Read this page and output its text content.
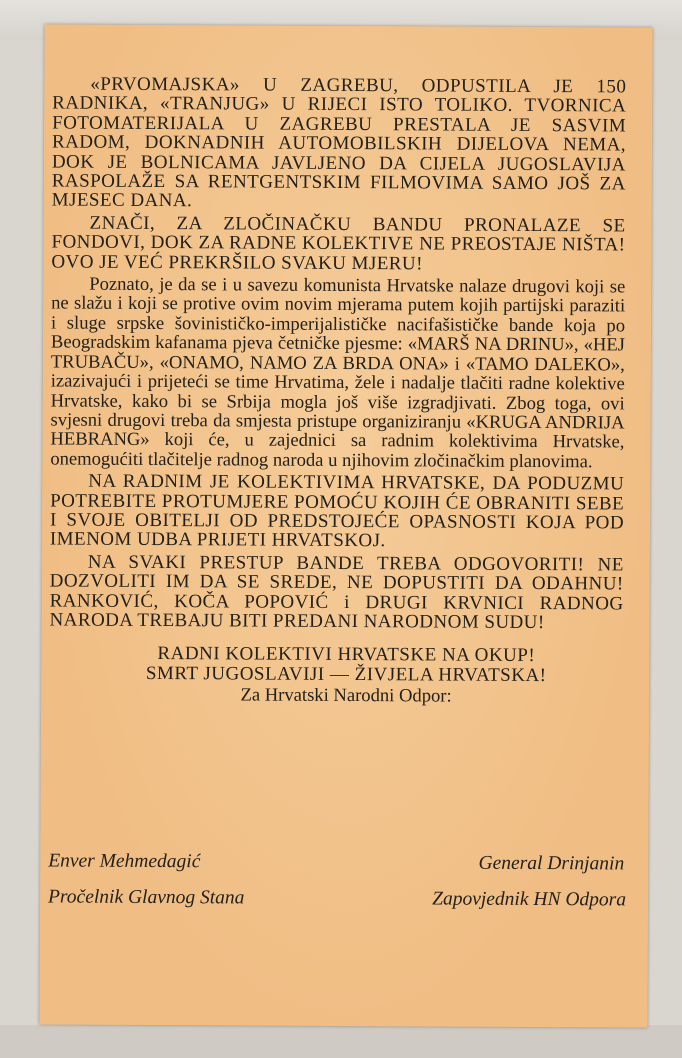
«PRVOMAJSKA» U ZAGREBU, ODPUSTILA JE 150 RADNIKA, «TRANJUG» U RIJECI ISTO TOLIKO. TVORNICA FOTOMATERIJALA U ZAGREBU PRESTALA JE SASVIM RADOM, DOKNADNIH AUTOMOBILSKIH DIJELOVA NEMA, DOK JE BOLNICAMA JAVLJENO DA CIJELA JUGOSLAVIJA RASPOLAŽE SA RENTGENTSKIM FILMOVIMA SAMO JOŠ ZA MJESEC DANA.

ZNAČI, ZA ZLOČINAČKU BANDU PRONALAZE SE FONDOVI, DOK ZA RADNE KOLEKTIVE NE PREOSTAJE NIŠTA! OVO JE VEĆ PREKRŠILO SVAKU MJERU!

Poznato, je da se i u savezu komunista Hrvatske nalaze drugovi koji se ne slažu i koji se protive ovim novim mjerama putem kojih partijski paraziti i sluge srpske šovinističko-imperijalističke nacifašističke bande koja po Beogradskim kafanama pjeva četničke pjesme: «MARŠ NA DRINU», «HEJ TRUBAČU», «ONAMO, NAMO ZA BRDA ONA» i «TAMO DALEKO», izazivajući i prijeteći se time Hrvatima, žele i nadalje tlačiti radne kolektive Hrvatske, kako bi se Srbija mogla još više izgradjivati. Zbog toga, ovi svjesni drugovi treba da smjesta pristupe organiziranju «KRUGA ANDRIJA HEBRANG» koji će, u zajednici sa radnim kolektivima Hrvatske, onemogućiti tlačitelje radnog naroda u njihovim zločinačkim planovima.

NA RADNIM JE KOLEKTIVIMA HRVATSKE, DA PODUZMU POTREBITE PROTUMJERE POMOĆU KOJIH ĆE OBRANITI SEBE I SVOJE OBITELJI OD PREDSTOJEĆE OPASNOSTI KOJA POD IMENOM UDBA PRIJETI HRVATSKOJ.

NA SVAKI PRESTUP BANDE TREBA ODGOVORITI! NE DOZVOLITI IM DA SE SREDE, NE DOPUSTITI DA ODAHNU! RANKOVIĆ, KOČA POPOVIĆ i DRUGI KRVNICI RADNOG NARODA TREBAJU BITI PREDANI NARODNOM SUDU!

RADNI KOLEKTIVI HRVATSKE NA OKUP!

SMRT JUGOSLAVIJI — ŽIVJELA HRVATSKA!

Za Hrvatski Narodni Odpor:

Enver Mehmedagić
Pročelnik Glavnog Stana
General Drinjanin
Zapovjednik HN Odpora
